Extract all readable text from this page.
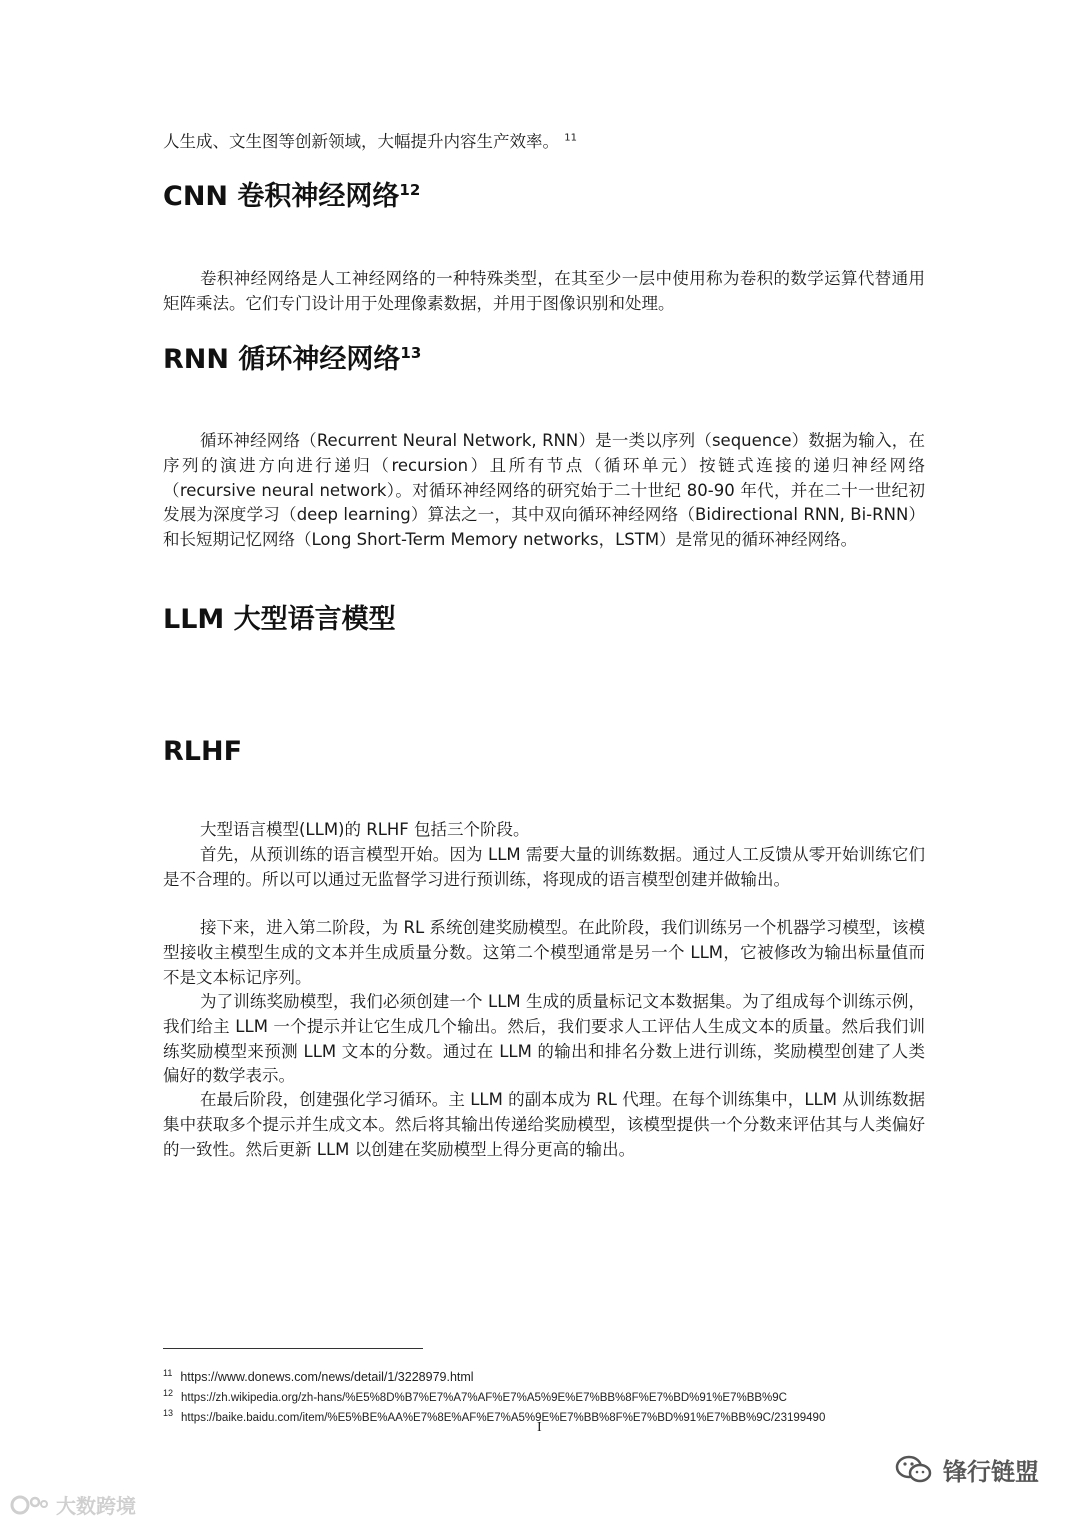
人生成、文生图等创新领域，大幅提升内容生产效率。 $^{11}$

CNN 卷积神经网络$^{12}$

卷积神经网络是人工神经网络的一种特殊类型，在其至少一层中使用称为卷积的数学运算代替通用矩阵乘法。它们专门设计用于处理像素数据，并用于图像识别和处理。

RNN 循环神经网络$^{13}$

循环神经网络（Recurrent Neural Network, RNN）是一类以序列（sequence）数据为输入，在序列的演进方向进行递归（recursion）且所有节点（循环单元）按链式连接的递归神经网络（recursive neural network）。对循环神经网络的研究始于二十世纪 80-90 年代，并在二十一世纪初发展为深度学习（deep learning）算法之一，其中双向循环神经网络（Bidirectional RNN, Bi-RNN）和长短期记忆网络（Long Short-Term Memory networks，LSTM）是常见的循环神经网络。

LLM 大型语言模型
RLHF

大型语言模型(LLM)的 RLHF 包括三个阶段。

首先，从预训练的语言模型开始。因为 LLM 需要大量的训练数据。通过人工反馈从零开始训练它们是不合理的。所以可以通过无监督学习进行预训练，将现成的语言模型创建并做输出。

接下来，进入第二阶段，为 RL 系统创建奖励模型。在此阶段，我们训练另一个机器学习模型，该模型接收主模型生成的文本并生成质量分数。这第二个模型通常是另一个 LLM，它被修改为输出标量值而不是文本标记序列。

为了训练奖励模型，我们必须创建一个 LLM 生成的质量标记文本数据集。为了组成每个训练示例，我们给主 LLM 一个提示并让它生成几个输出。然后，我们要求人工评估人生成文本的质量。然后我们训练奖励模型来预测 LLM 文本的分数。通过在 LLM 的输出和排名分数上进行训练，奖励模型创建了人类偏好的数学表示。

在最后阶段，创建强化学习循环。主 LLM 的副本成为 RL 代理。在每个训练集中，LLM 从训练数据集中获取多个提示并生成文本。然后将其输出传递给奖励模型，该模型提供一个分数来评估其与人类偏好的一致性。然后更新 LLM 以创建在奖励模型上得分更高的输出。

$^{11}$ https://www.donews.com/news/detail/1/3228979.html
$^{12}$ https://zh.wikipedia.org/zh-hans/%E5%8D%B7%E7%A7%AF%E7%A5%9E%E7%BB%8F%E7%BD%91%E7%BB%9C
$^{13}$ https://baike.baidu.com/item/%E5%BE%AA%E7%8E%AF%E7%A5%9E%E7%BB%8F%E7%BD%91%E7%BB%9C/23199490
I
大数跨境
锋行链盟
